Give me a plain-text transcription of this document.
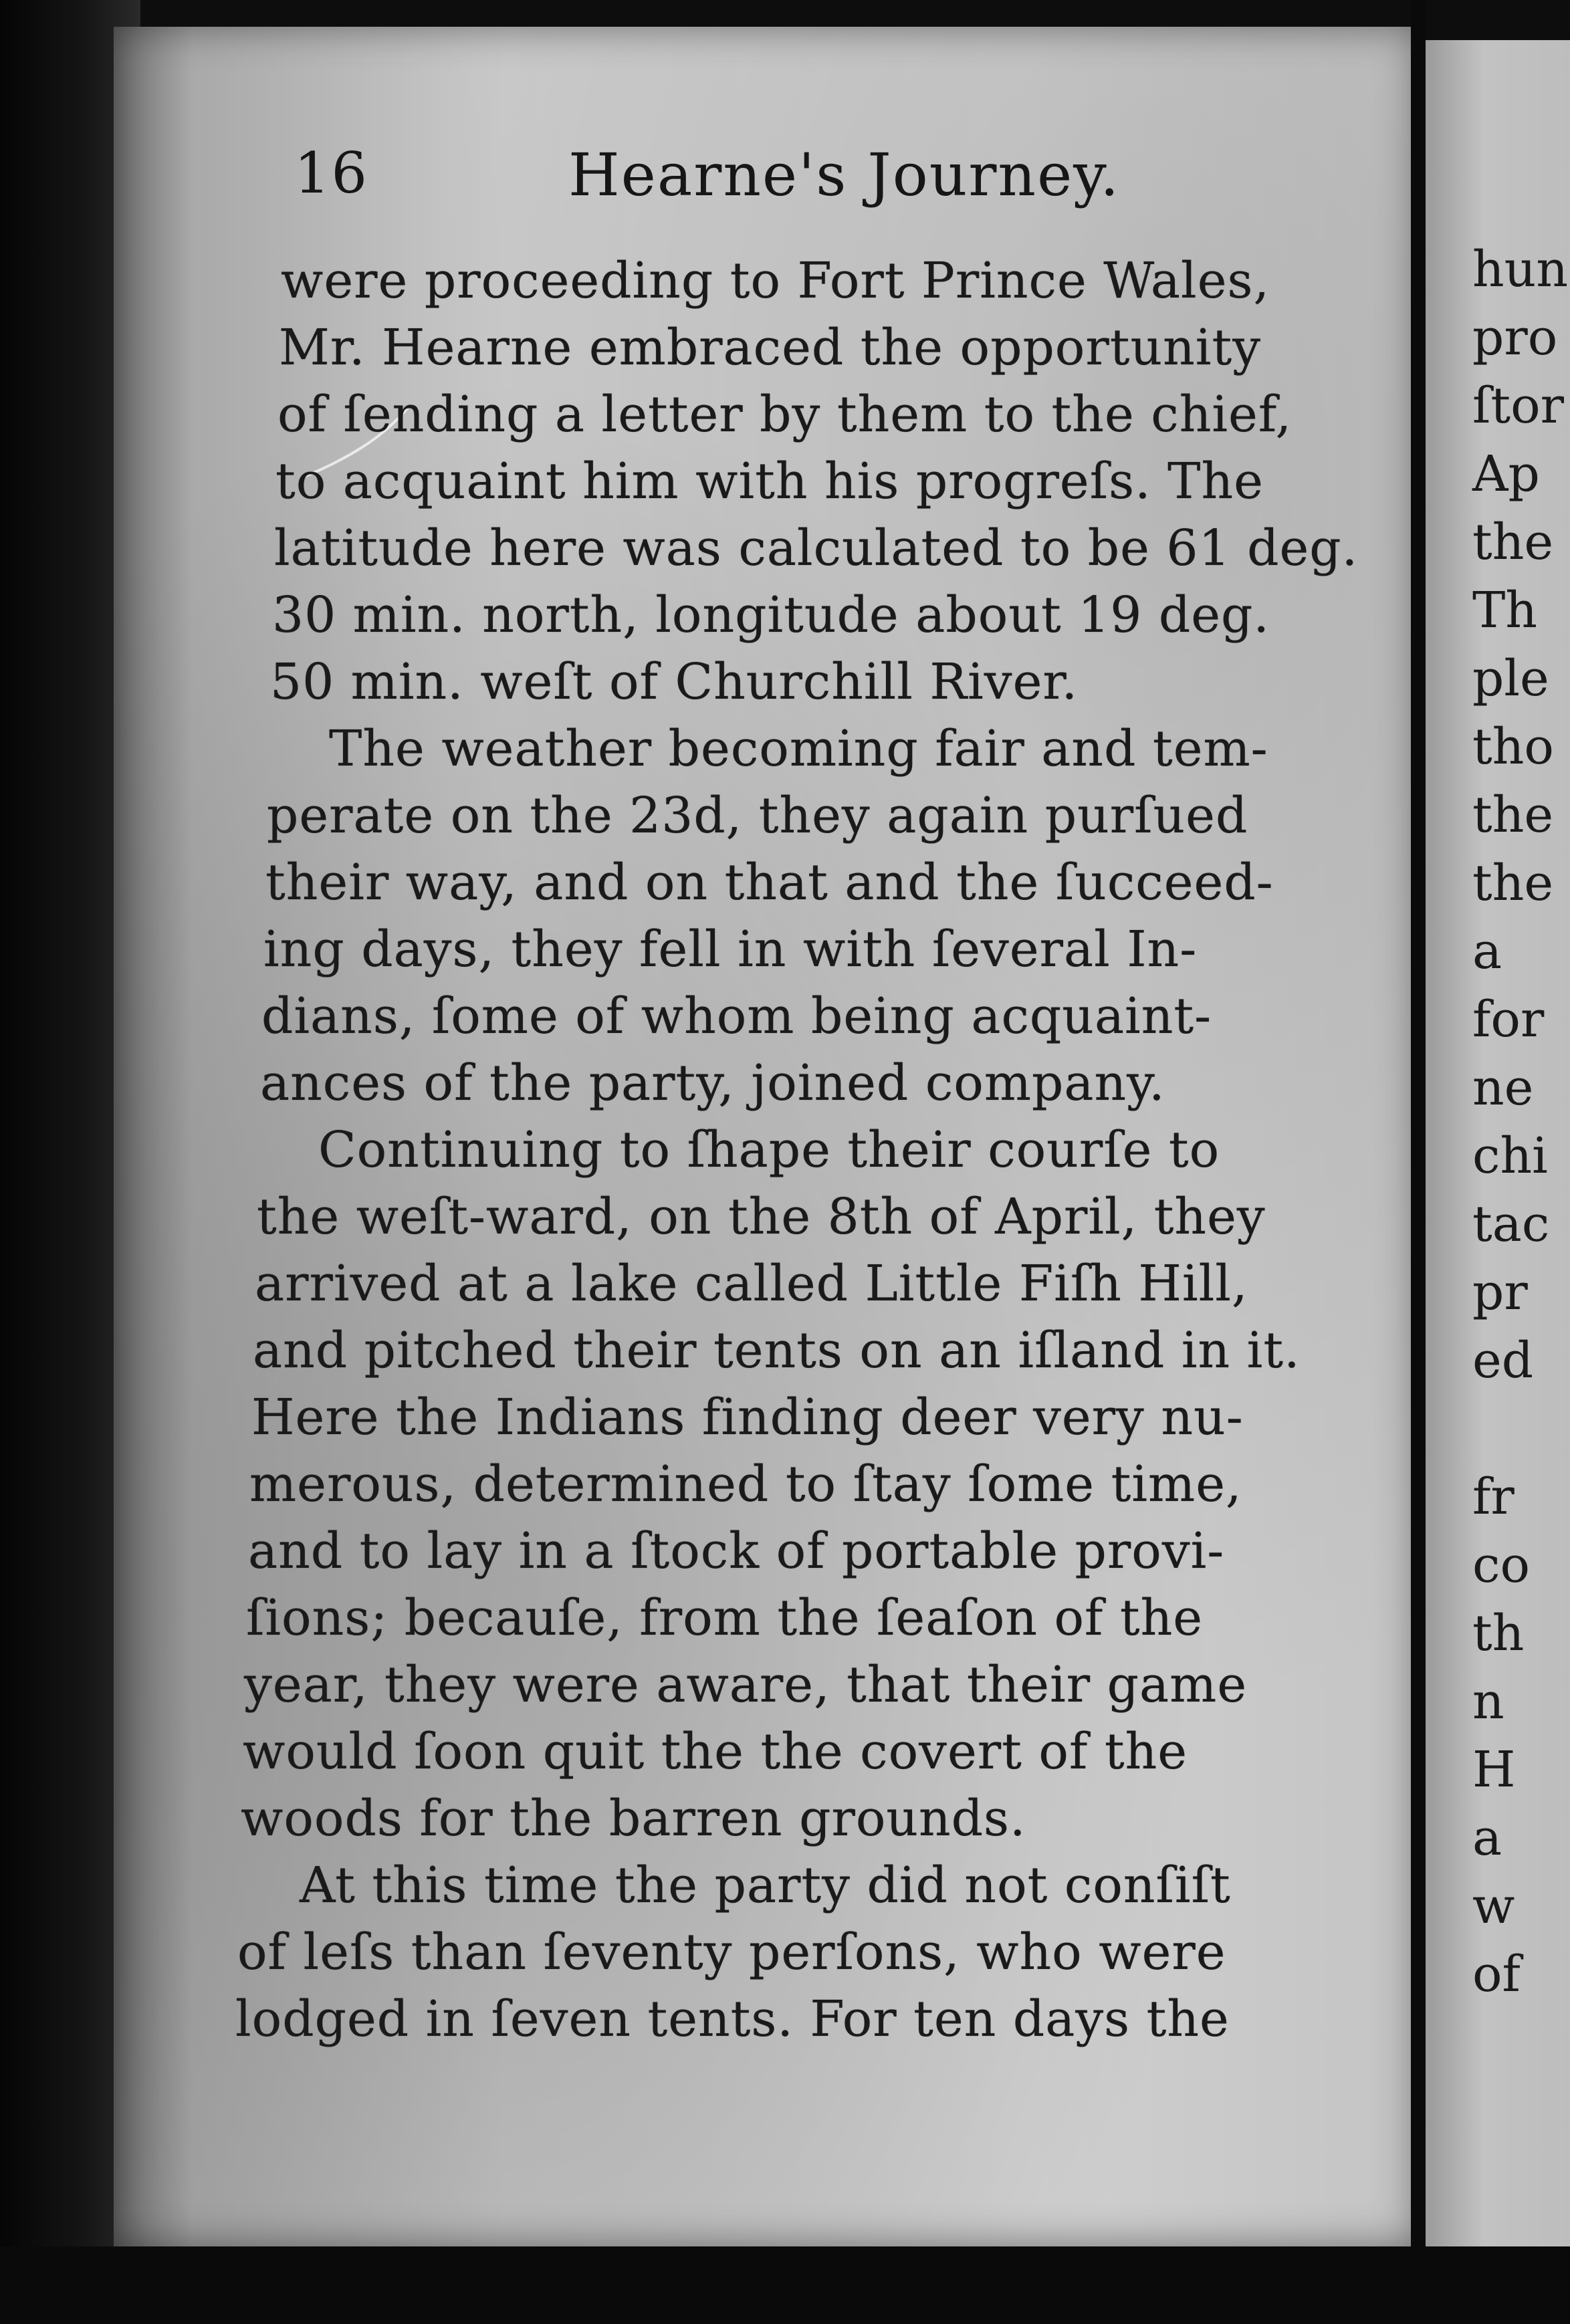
16	Hearne's Journey.
were proceeding to Fort Prince Wales,
Mr. Hearne embraced the opportunity
of ſending a letter by them to the chief,
to acquaint him with his progreſs. The
latitude here was calculated to be 61 deg.
30 min. north, longitude about 19 deg.
50 min. weſt of Churchill River.
The weather becoming fair and tem-
perate on the 23d, they again purſued
their way, and on that and the ſucceed-
ing days, they fell in with ſeveral In-
dians, ſome of whom being acquaint-
ances of the party, joined company.
Continuing to ſhape their courſe to
the weſt-ward, on the 8th of April, they
arrived at a lake called Little Fiſh Hill,
and pitched their tents on an iſland in it.
Here the Indians finding deer very nu-
merous, determined to ſtay ſome time,
and to lay in a ſtock of portable provi-
ſions; becauſe, from the ſeaſon of the
year, they were aware, that their game
would ſoon quit the the covert of the
woods for the barren grounds.
At this time the party did not conſiſt
of leſs than ſeventy perſons, who were
lodged in ſeven tents. For ten days the
hun
pro
ſtor
Ap
the
Th
ple
tho
the
the
a
for
ne
chi
tac
pr
ed
fr
co
th
n
H
a
w
of
